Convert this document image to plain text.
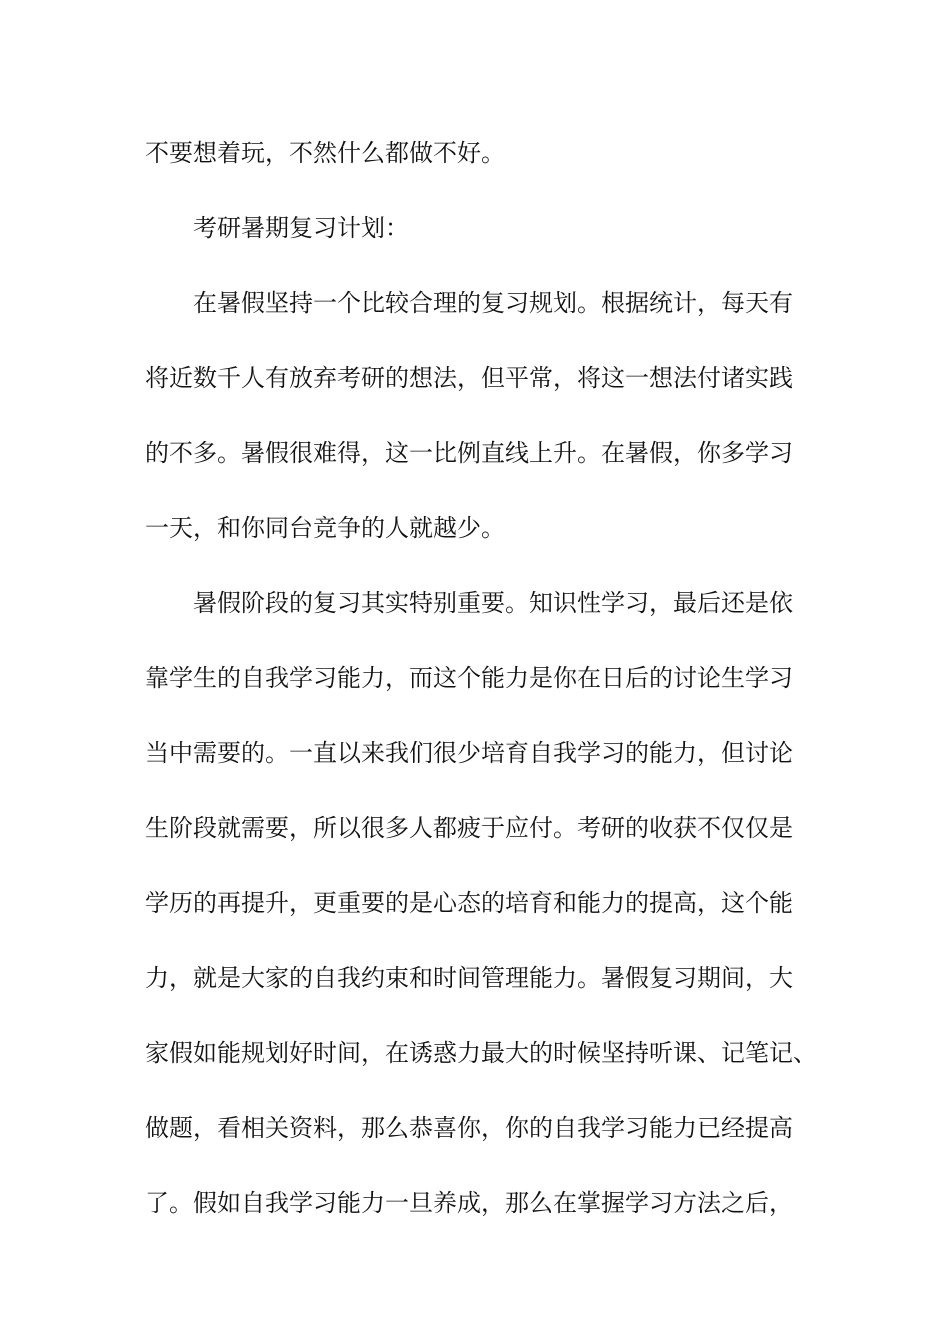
不要想着玩，不然什么都做不好。
考研暑期复习计划：
在暑假坚持一个比较合理的复习规划。根据统计，每天有
将近数千人有放弃考研的想法，但平常，将这一想法付诸实践
的不多。暑假很难得，这一比例直线上升。在暑假，你多学习
一天，和你同台竞争的人就越少。
暑假阶段的复习其实特别重要。知识性学习，最后还是依
靠学生的自我学习能力，而这个能力是你在日后的讨论生学习
当中需要的。一直以来我们很少培育自我学习的能力，但讨论
生阶段就需要，所以很多人都疲于应付。考研的收获不仅仅是
学历的再提升，更重要的是心态的培育和能力的提高，这个能
力，就是大家的自我约束和时间管理能力。暑假复习期间，大
家假如能规划好时间，在诱惑力最大的时候坚持听课、记笔记、
做题，看相关资料，那么恭喜你，你的自我学习能力已经提高
了。假如自我学习能力一旦养成，那么在掌握学习方法之后，
